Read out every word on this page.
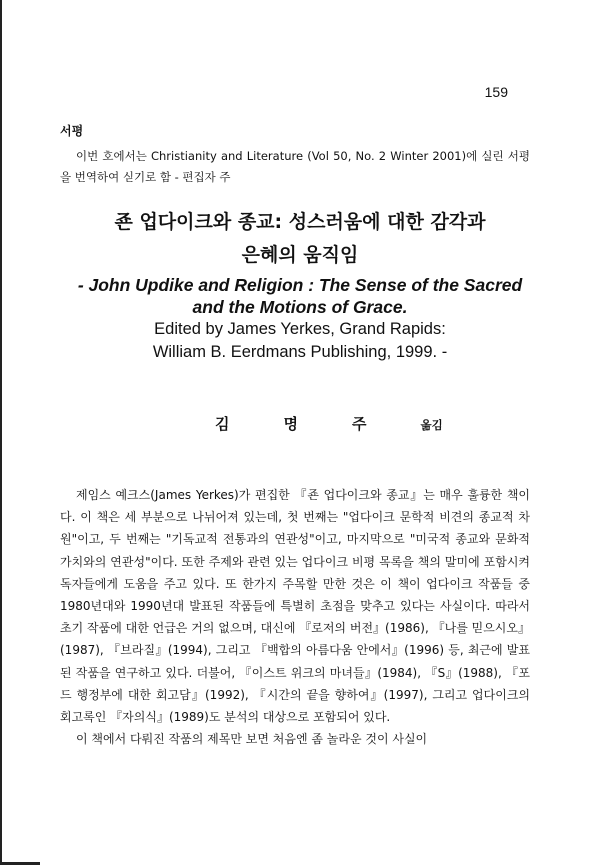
159
서평
이번 호에서는 Christianity and Literature (Vol 50, No. 2 Winter 2001)에 실린 서평을 번역하여 싣기로 함 - 편집자 주
죤 업다이크와 종교: 성스러움에 대한 감각과
은혜의 움직임
- John Updike and Religion : The Sense of the Sacred
and the Motions of Grace.
Edited by James Yerkes, Grand Rapids:
William B. Eerdmans Publishing, 1999. -
김	명	주	옮김

제임스 예크스(James Yerkes)가 편집한 『죤 업다이크와 종교』는 매우 훌륭한 책이다. 이 책은 세 부분으로 나뉘어져 있는데, 첫 번째는 "업다이크 문학적 비견의 종교적 차원"이고, 두 번째는 "기독교적 전통과의 연관성"이고, 마지막으로 "미국적 종교와 문화적 가치와의 연관성"이다. 또한 주제와 관련 있는 업다이크 비평 목록을 책의 말미에 포함시켜 독자들에게 도움을 주고 있다. 또 한가지 주목할 만한 것은 이 책이 업다이크 작품들 중 1980년대와 1990년대 발표된 작품들에 특별히 초점을 맞추고 있다는 사실이다. 따라서 초기 작품에 대한 언급은 거의 없으며, 대신에 『로저의 버전』(1986), 『나를 믿으시오』(1987), 『브라질』(1994), 그리고 『백합의 아름다움 안에서』(1996) 등, 최근에 발표된 작품을 연구하고 있다. 더불어, 『이스트 위크의 마녀들』(1984), 『S』(1988), 『포드 행정부에 대한 회고담』(1992), 『시간의 끝을 향하여』(1997), 그리고 업다이크의 회고록인 『자의식』(1989)도 분석의 대상으로 포함되어 있다.

이 책에서 다뤄진 작품의 제목만 보면 처음엔 좀 놀라운 것이 사실이
